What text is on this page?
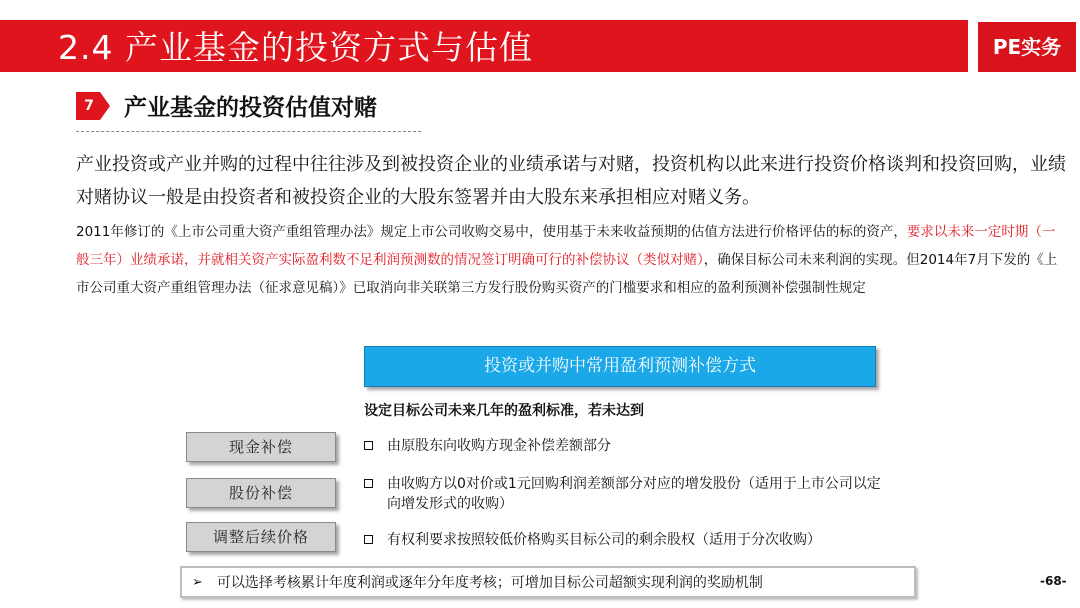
2.4 产业基金的投资方式与估值	PE实务
7 产业基金的投资估值对赌

产业投资或产业并购的过程中往往涉及到被投资企业的业绩承诺与对赌，投资机构以此来进行投资价格谈判和投资回购，业绩对赌协议一般是由投资者和被投资企业的大股东签署并由大股东来承担相应对赌义务。

2011年修订的《上市公司重大资产重组管理办法》规定上市公司收购交易中，使用基于未来收益预期的估值方法进行价格评估的标的资产，要求以未来一定时期（一般三年）业绩承诺，并就相关资产实际盈利数不足利润预测数的情况签订明确可行的补偿协议（类似对赌），确保目标公司未来利润的实现。但2014年7月下发的《上市公司重大资产重组管理办法（征求意见稿）》已取消向非关联第三方发行股份购买资产的门槛要求和相应的盈利预测补偿强制性规定

投资或并购中常用盈利预测补偿方式
设定目标公司未来几年的盈利标准，若未达到
现金补偿
股份补偿
调整后续价格
由原股东向收购方现金补偿差额部分
由收购方以0对价或1元回购利润差额部分对应的增发股份（适用于上市公司以定向增发形式的收购）
有权利要求按照较低价格购买目标公司的剩余股权（适用于分次收购）
➢ 可以选择考核累计年度利润或逐年分年度考核；可增加目标公司超额实现利润的奖励机制	-68-
